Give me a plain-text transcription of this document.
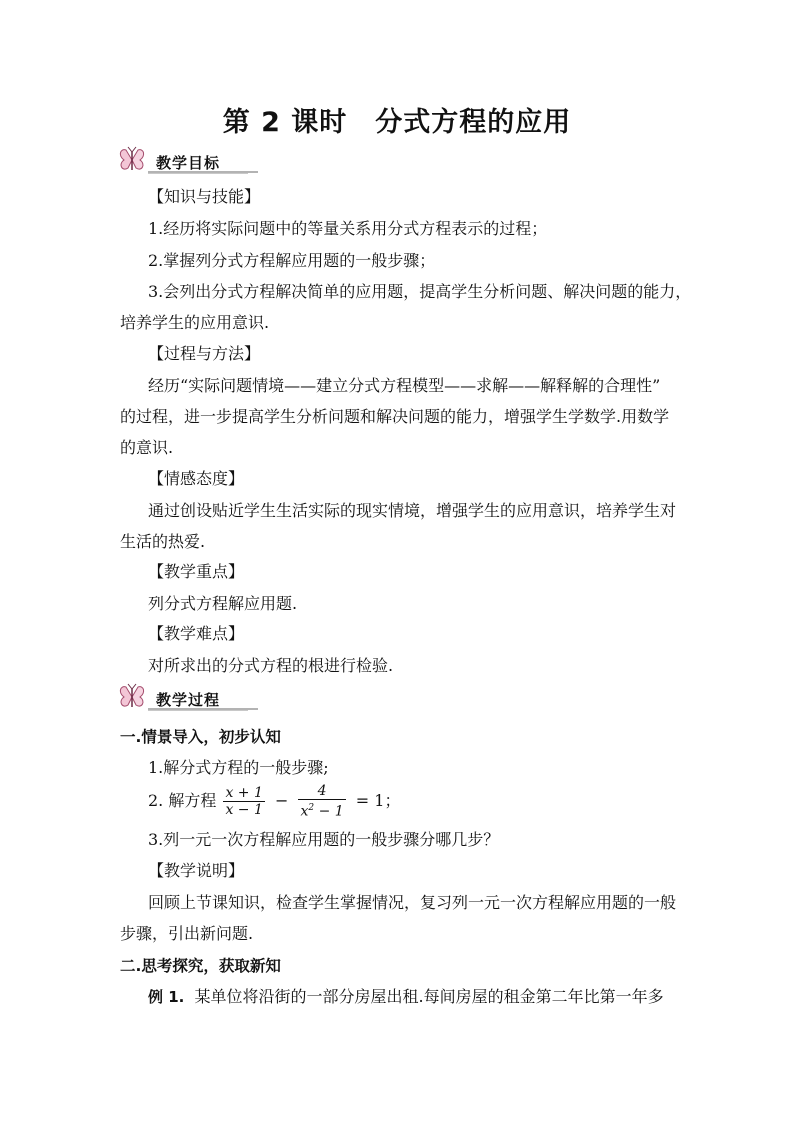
第 2 课时　分式方程的应用
教学目标
【知识与技能】
1.经历将实际问题中的等量关系用分式方程表示的过程；
2.掌握列分式方程解应用题的一般步骤；
3.会列出分式方程解决简单的应用题，提高学生分析问题、解决问题的能力，
培养学生的应用意识.
【过程与方法】
经历“实际问题情境——建立分式方程模型——求解——解释解的合理性”
的过程，进一步提高学生分析问题和解决问题的能力，增强学生学数学.用数学
的意识.
【情感态度】
通过创设贴近学生生活实际的现实情境，增强学生的应用意识，培养学生对
生活的热爱.
【教学重点】
列分式方程解应用题.
【教学难点】
对所求出的分式方程的根进行检验.
教学过程
一.情景导入，初步认知
1.解分式方程的一般步骤;
2. 解方程 $\frac{x + 1}{x - 1} - \frac{4}{x^2 - 1} = 1$；
3.列一元一次方程解应用题的一般步骤分哪几步？
【教学说明】
回顾上节课知识，检查学生掌握情况，复习列一元一次方程解应用题的一般
步骤，引出新问题.
二.思考探究，获取新知
例 1. 某单位将沿街的一部分房屋出租.每间房屋的租金第二年比第一年多
